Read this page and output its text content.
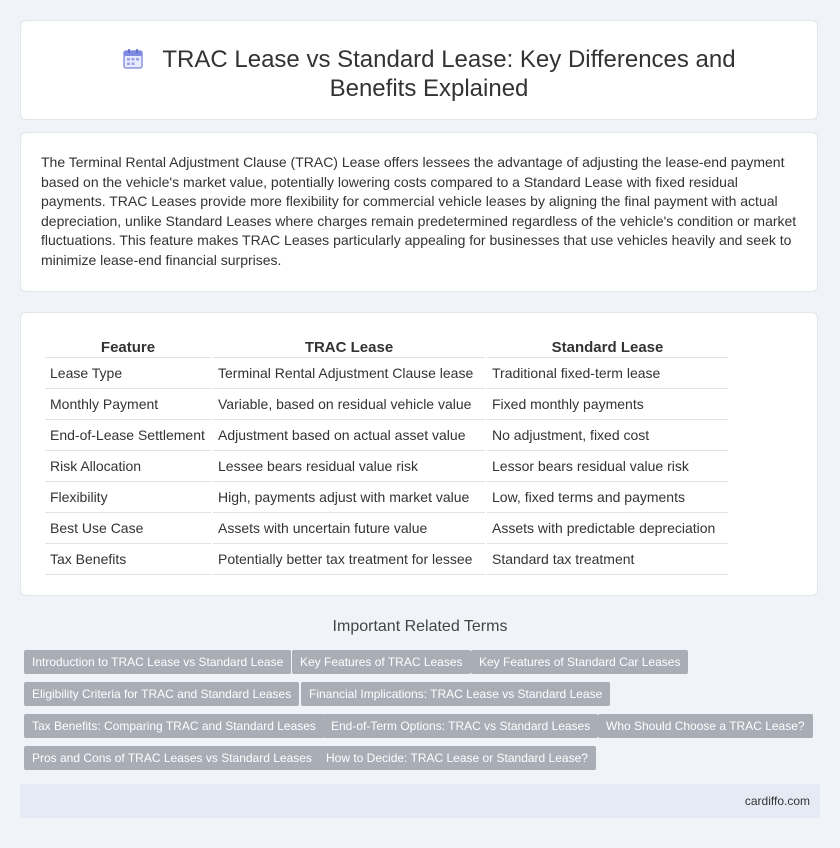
TRAC Lease vs Standard Lease: Key Differences and Benefits Explained

The Terminal Rental Adjustment Clause (TRAC) Lease offers lessees the advantage of adjusting the lease-end payment based on the vehicle's market value, potentially lowering costs compared to a Standard Lease with fixed residual payments. TRAC Leases provide more flexibility for commercial vehicle leases by aligning the final payment with actual depreciation, unlike Standard Leases where charges remain predetermined regardless of the vehicle's condition or market fluctuations. This feature makes TRAC Leases particularly appealing for businesses that use vehicles heavily and seek to minimize lease-end financial surprises.

Feature	TRAC Lease	Standard Lease
Lease Type	Terminal Rental Adjustment Clause lease	Traditional fixed-term lease
Monthly Payment	Variable, based on residual vehicle value	Fixed monthly payments
End-of-Lease Settlement	Adjustment based on actual asset value	No adjustment, fixed cost
Risk Allocation	Lessee bears residual value risk	Lessor bears residual value risk
Flexibility	High, payments adjust with market value	Low, fixed terms and payments
Best Use Case	Assets with uncertain future value	Assets with predictable depreciation
Tax Benefits	Potentially better tax treatment for lessee	Standard tax treatment
Important Related Terms
Introduction to TRAC Lease vs Standard Lease	Key Features of TRAC Leases	Key Features of Standard Car Leases
Eligibility Criteria for TRAC and Standard Leases	Financial Implications: TRAC Lease vs Standard Lease
Tax Benefits: Comparing TRAC and Standard Leases	End-of-Term Options: TRAC vs Standard Leases	Who Should Choose a TRAC Lease?
Pros and Cons of TRAC Leases vs Standard Leases	How to Decide: TRAC Lease or Standard Lease?
cardiffo.com
